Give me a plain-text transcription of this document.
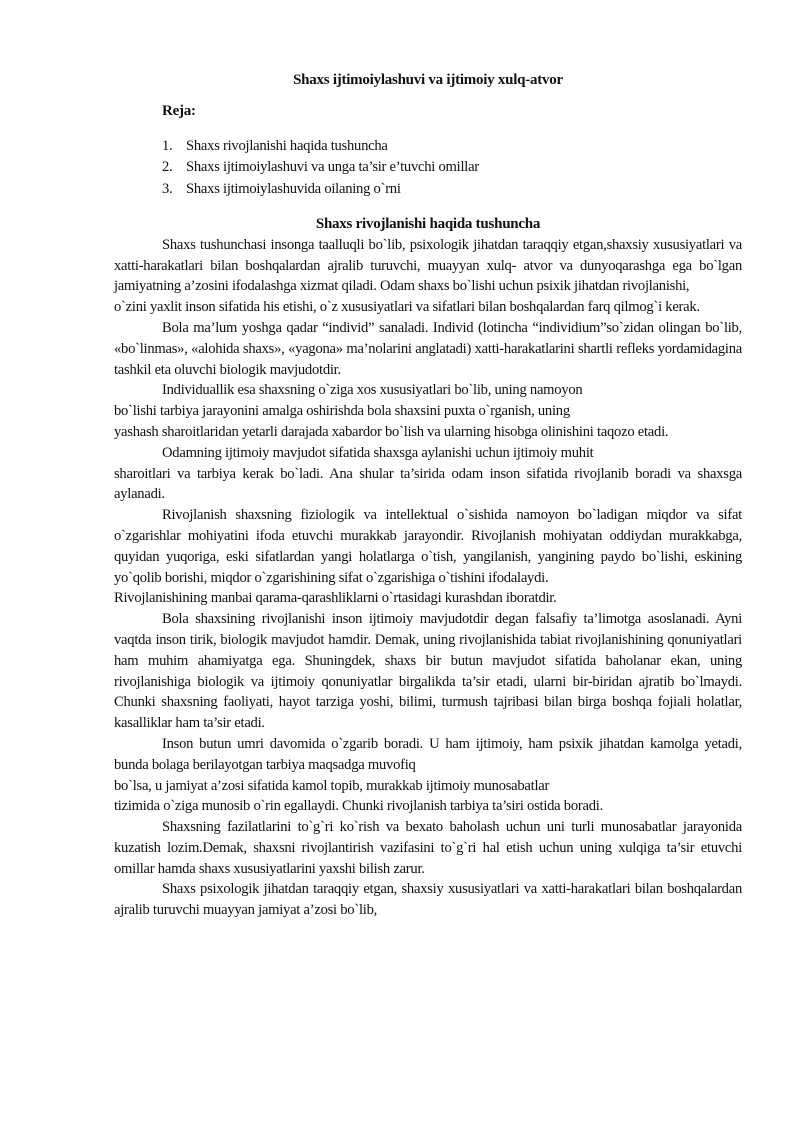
Shaxs ijtimoiylashuvi va ijtimoiy xulq-atvor
Reja:
1. Shaxs rivojlanishi haqida tushuncha
2. Shaxs ijtimoiylashuvi va unga ta’sir e’tuvchi omillar
3. Shaxs ijtimoiylashuvida oilaning o`rni
Shaxs rivojlanishi haqida tushuncha

Shaxs tushunchasi insonga taalluqli bo`lib, psixologik jihatdan taraqqiy etgan,shaxsiy xususiyatlari va xatti-harakatlari bilan boshqalardan ajralib turuvchi, muayyan xulq- atvor va dunyoqarashga ega bo`lgan jamiyatning a’zosini ifodalashga xizmat qiladi. Odam shaxs bo`lishi uchun psixik jihatdan rivojlanishi,

o`zini yaxlit inson sifatida his etishi, o`z xususiyatlari va sifatlari bilan boshqalardan farq qilmog`i kerak.

Bola ma’lum yoshga qadar “individ” sanaladi. Individ (lotincha “individium”so`zidan olingan bo`lib, «bo`linmas», «alohida shaxs», «yagona» ma’nolarini anglatadi) xatti-harakatlarini shartli refleks yordamidagina tashkil eta oluvchi biologik mavjudotdir.

Individuallik esa shaxsning o`ziga xos xususiyatlari bo`lib, uning namoyon

bo`lishi tarbiya jarayonini amalga oshirishda bola shaxsini puxta o`rganish, uning

yashash sharoitlaridan yetarli darajada xabardor bo`lish va ularning hisobga olinishini taqozo etadi.

Odamning ijtimoiy mavjudot sifatida shaxsga aylanishi uchun ijtimoiy muhit

sharoitlari va tarbiya kerak bo`ladi. Ana shular ta’sirida odam inson sifatida rivojlanib boradi va shaxsga aylanadi.

Rivojlanish shaxsning fiziologik va intellektual o`sishida namoyon bo`ladigan miqdor va sifat o`zgarishlar mohiyatini ifoda etuvchi murakkab jarayondir. Rivojlanish mohiyatan oddiydan murakkabga, quyidan yuqoriga, eski sifatlardan yangi holatlarga o`tish, yangilanish, yangining paydo bo`lishi, eskining yo`qolib borishi, miqdor o`zgarishining sifat o`zgarishiga o`tishini ifodalaydi.

Rivojlanishining manbai qarama-qarashliklarni o`rtasidagi kurashdan iboratdir.

Bola shaxsining rivojlanishi inson ijtimoiy mavjudotdir degan falsafiy ta’limotga asoslanadi. Ayni vaqtda inson tirik, biologik mavjudot hamdir. Demak, uning rivojlanishida tabiat rivojlanishining qonuniyatlari ham muhim ahamiyatga ega. Shuningdek, shaxs bir butun mavjudot sifatida baholanar ekan, uning rivojlanishiga biologik va ijtimoiy qonuniyatlar birgalikda ta’sir etadi, ularni bir-biridan ajratib bo`lmaydi. Chunki shaxsning faoliyati, hayot tarziga yoshi, bilimi, turmush tajribasi bilan birga boshqa fojiali holatlar, kasalliklar ham ta’sir etadi.

Inson butun umri davomida o`zgarib boradi. U ham ijtimoiy, ham psixik jihatdan kamolga yetadi, bunda bolaga berilayotgan tarbiya maqsadga muvofiq

bo`lsa, u jamiyat a’zosi sifatida kamol topib, murakkab ijtimoiy munosabatlar

tizimida o`ziga munosib o`rin egallaydi. Chunki rivojlanish tarbiya ta’siri ostida boradi.

Shaxsning fazilatlarini to`g`ri ko`rish va bexato baholash uchun uni turli munosabatlar jarayonida kuzatish lozim.Demak, shaxsni rivojlantirish vazifasini to`g`ri hal etish uchun uning xulqiga ta’sir etuvchi omillar hamda shaxs xususiyatlarini yaxshi bilish zarur.

Shaxs psixologik jihatdan taraqqiy etgan, shaxsiy xususiyatlari va xatti-harakatlari bilan boshqalardan ajralib turuvchi muayyan jamiyat a’zosi bo`lib,
